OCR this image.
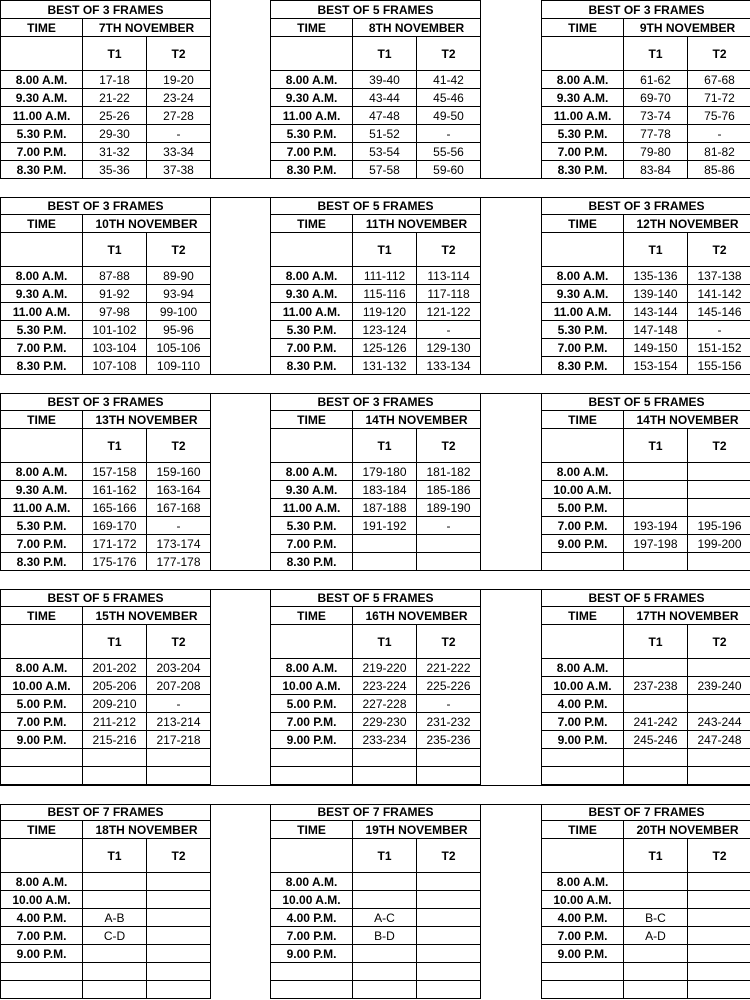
BEST OF 3 FRAMES		
TIME	7TH NOVEMBER	
	T1	T2
8.00 A.M.	17-18	19-20
9.30 A.M.	21-22	23-24
11.00 A.M.	25-26	27-28
5.30 P.M.	29-30	-
7.00 P.M.	31-32	33-34
8.30 P.M.	35-36	37-38
BEST OF 5 FRAMES		
TIME	8TH NOVEMBER	
	T1	T2
8.00 A.M.	39-40	41-42
9.30 A.M.	43-44	45-46
11.00 A.M.	47-48	49-50
5.30 P.M.	51-52	-
7.00 P.M.	53-54	55-56
8.30 P.M.	57-58	59-60
BEST OF 3 FRAMES		
TIME	9TH NOVEMBER	
	T1	T2
8.00 A.M.	61-62	67-68
9.30 A.M.	69-70	71-72
11.00 A.M.	73-74	75-76
5.30 P.M.	77-78	-
7.00 P.M.	79-80	81-82
8.30 P.M.	83-84	85-86
BEST OF 3 FRAMES		
TIME	10TH NOVEMBER	
	T1	T2
8.00 A.M.	87-88	89-90
9.30 A.M.	91-92	93-94
11.00 A.M.	97-98	99-100
5.30 P.M.	101-102	95-96
7.00 P.M.	103-104	105-106
8.30 P.M.	107-108	109-110
BEST OF 5 FRAMES		
TIME	11TH NOVEMBER	
	T1	T2
8.00 A.M.	111-112	113-114
9.30 A.M.	115-116	117-118
11.00 A.M.	119-120	121-122
5.30 P.M.	123-124	-
7.00 P.M.	125-126	129-130
8.30 P.M.	131-132	133-134
BEST OF 3 FRAMES		
TIME	12TH NOVEMBER	
	T1	T2
8.00 A.M.	135-136	137-138
9.30 A.M.	139-140	141-142
11.00 A.M.	143-144	145-146
5.30 P.M.	147-148	-
7.00 P.M.	149-150	151-152
8.30 P.M.	153-154	155-156
BEST OF 3 FRAMES		
TIME	13TH NOVEMBER	
	T1	T2
8.00 A.M.	157-158	159-160
9.30 A.M.	161-162	163-164
11.00 A.M.	165-166	167-168
5.30 P.M.	169-170	-
7.00 P.M.	171-172	173-174
8.30 P.M.	175-176	177-178
BEST OF 3 FRAMES		
TIME	14TH NOVEMBER	
	T1	T2
8.00 A.M.	179-180	181-182
9.30 A.M.	183-184	185-186
11.00 A.M.	187-188	189-190
5.30 P.M.	191-192	-
7.00 P.M.		
8.30 P.M.		
BEST OF 5 FRAMES		
TIME	14TH NOVEMBER	
	T1	T2
8.00 A.M.		
10.00 A.M.		
5.00 P.M.		
7.00 P.M.	193-194	195-196
9.00 P.M.	197-198	199-200

BEST OF 5 FRAMES		
TIME	15TH NOVEMBER	
	T1	T2
8.00 A.M.	201-202	203-204
10.00 A.M.	205-206	207-208
5.00 P.M.	209-210	-
7.00 P.M.	211-212	213-214
9.00 P.M.	215-216	217-218

BEST OF 5 FRAMES		
TIME	16TH NOVEMBER	
	T1	T2
8.00 A.M.	219-220	221-222
10.00 A.M.	223-224	225-226
5.00 P.M.	227-228	-
7.00 P.M.	229-230	231-232
9.00 P.M.	233-234	235-236

BEST OF 5 FRAMES		
TIME	17TH NOVEMBER	
	T1	T2
8.00 A.M.		
10.00 A.M.	237-238	239-240
4.00 P.M.		
7.00 P.M.	241-242	243-244
9.00 P.M.	245-246	247-248

BEST OF 7 FRAMES		
TIME	18TH NOVEMBER	
	T1	T2
8.00 A.M.		
10.00 A.M.		
4.00 P.M.	A-B	
7.00 P.M.	C-D	
9.00 P.M.		

BEST OF 7 FRAMES		
TIME	19TH NOVEMBER	
	T1	T2
8.00 A.M.		
10.00 A.M.		
4.00 P.M.	A-C	
7.00 P.M.	B-D	
9.00 P.M.		

BEST OF 7 FRAMES		
TIME	20TH NOVEMBER	
	T1	T2
8.00 A.M.		
10.00 A.M.		
4.00 P.M.	B-C	
7.00 P.M.	A-D	
9.00 P.M.		
